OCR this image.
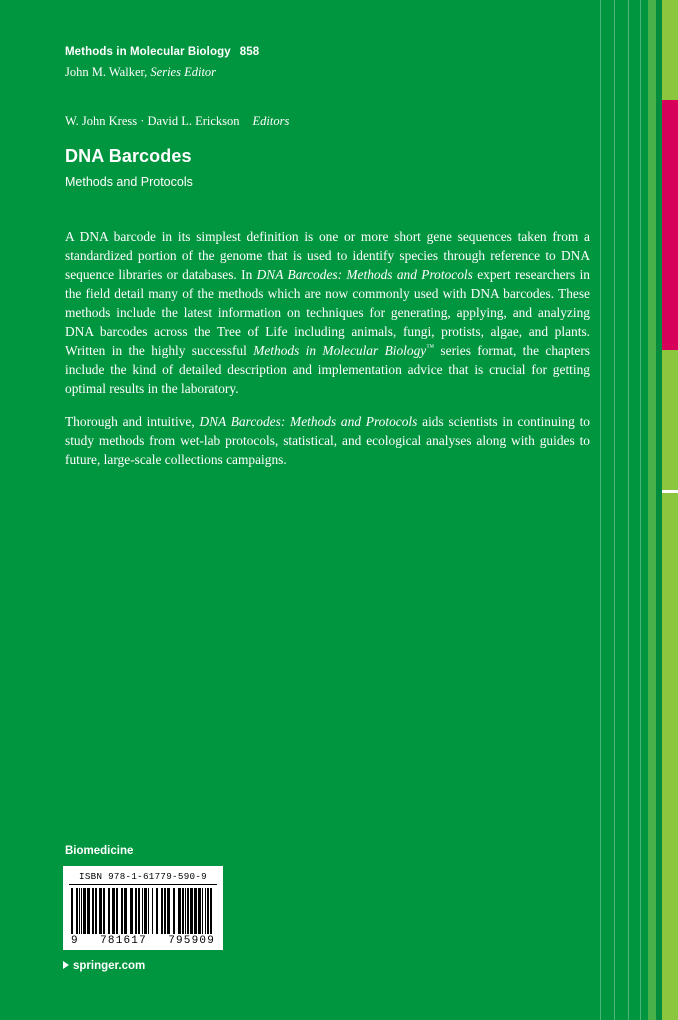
Methods in Molecular Biology 858
John M. Walker, Series Editor
W. John Kress · David L. Erickson Editors
DNA Barcodes
Methods and Protocols

A DNA barcode in its simplest definition is one or more short gene sequences taken from a standardized portion of the genome that is used to identify species through reference to DNA sequence libraries or databases. In DNA Barcodes: Methods and Protocols expert researchers in the field detail many of the methods which are now commonly used with DNA barcodes. These methods include the latest information on techniques for generating, applying, and analyzing DNA barcodes across the Tree of Life including animals, fungi, protists, algae, and plants. Written in the highly successful Methods in Molecular Biology™ series format, the chapters include the kind of detailed description and implementation advice that is crucial for getting optimal results in the laboratory.

Thorough and intuitive, DNA Barcodes: Methods and Protocols aids scientists in continuing to study methods from wet-lab protocols, statistical, and ecological analyses along with guides to future, large-scale collections campaigns.

Biomedicine
ISBN 978-1-61779-590-9
9 781617 795909
springer.com
